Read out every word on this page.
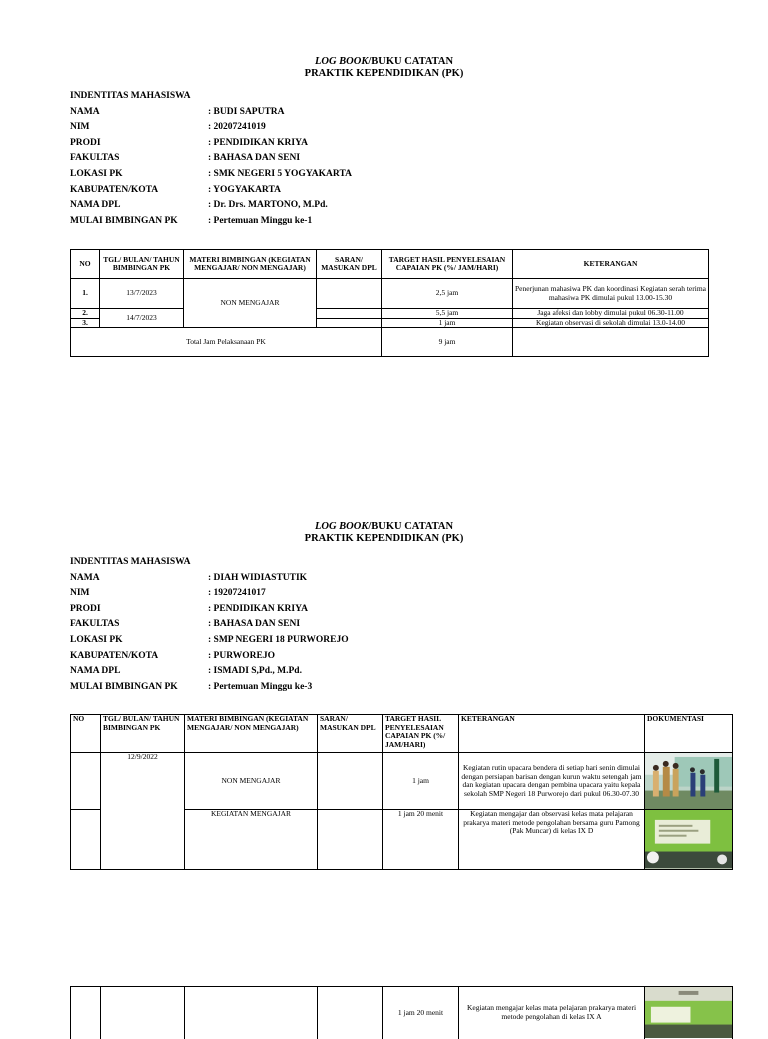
LOG BOOK/BUKU CATATAN
PRAKTIK KEPENDIDIKAN (PK)
INDENTITAS MAHASISWA	
NAMA	: BUDI SAPUTRA
NIM	: 20207241019
PRODI	: PENDIDIKAN KRIYA
FAKULTAS	: BAHASA DAN SENI
LOKASI PK	: SMK NEGERI 5 YOGYAKARTA
KABUPATEN/KOTA	: YOGYAKARTA
NAMA DPL	: Dr. Drs. MARTONO, M.Pd.
MULAI BIMBINGAN PK	: Pertemuan Minggu ke-1
NO	TGL/ BULAN/ TAHUN BIMBINGAN PK	MATERI BIMBINGAN (KEGIATAN MENGAJAR/ NON MENGAJAR)	SARAN/ MASUKAN DPL	TARGET HASIL PENYELESAIAN CAPAIAN PK (%/ JAM/HARI)	KETERANGAN
1.	13/7/2023	NON MENGAJAR		2,5 jam	Penerjunan mahasiwa PK dan koordinasi Kegiatan serah terima mahasiwa PK dimulai pukul 13.00-15.30
2.	14/7/2023			5,5 jam	Jaga afeksi dan lobby dimulai pukul 06.30-11.00
3.				1 jam	Kegiatan observasi di sekolah dimulai 13.0-14.00
Total Jam Pelaksanaan PK				9 jam	
LOG BOOK/BUKU CATATAN
PRAKTIK KEPENDIDIKAN (PK)
INDENTITAS MAHASISWA	
NAMA	: DIAH WIDIASTUTIK
NIM	: 19207241017
PRODI	: PENDIDIKAN KRIYA
FAKULTAS	: BAHASA DAN SENI
LOKASI PK	: SMP NEGERI 18 PURWOREJO
KABUPATEN/KOTA	: PURWOREJO
NAMA DPL	: ISMADI S,Pd., M.Pd.
MULAI BIMBINGAN PK	: Pertemuan Minggu ke-3
NO	TGL/ BULAN/ TAHUN BIMBINGAN PK	MATERI BIMBINGAN (KEGIATAN MENGAJAR/ NON MENGAJAR)	SARAN/ MASUKAN DPL	TARGET HASIL PENYELESAIAN CAPAIAN PK (%/ JAM/HARI)	KETERANGAN	DOKUMENTASI
	12/9/2022	NON MENGAJAR		1 jam	Kegiatan rutin upacara bendera di setiap hari senin dimulai dengan persiapan barisan dengan kurun waktu setengah jam dan kegiatan upacara dengan pembina upacara yaitu kepala sekolah SMP Negeri 18 Purworejo dari pukul 06.30-07.30	

		KEGIATAN MENGAJAR		1 jam 20 menit	Kegiatan mengajar dan observasi kelas mata pelajaran prakarya materi metode pengolahan bersama guru Pamong (Pak Muncar) di kelas IX D	
				1 jam 20 menit	Kegiatan mengajar kelas mata pelajaran prakarya materi metode pengolahan di kelas IX A	
